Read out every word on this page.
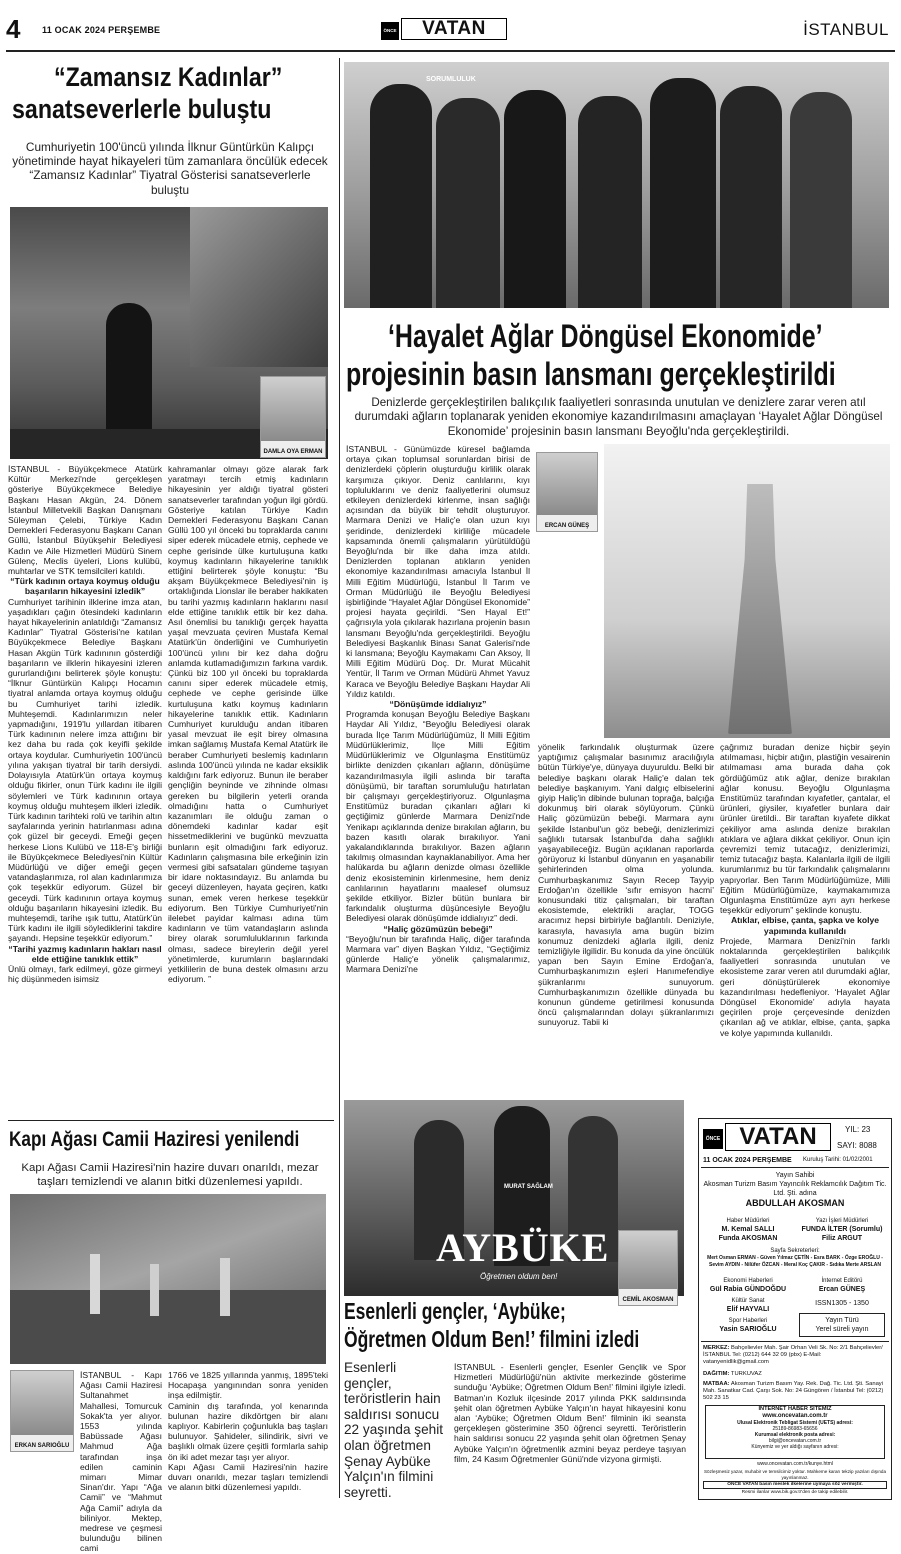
4 11 OCAK 2024 PERŞEMBE	ÖNCE	VATAN	İSTANBUL
“Zamansız Kadınlar”
sanatseverlerle buluştu
Cumhuriyetin 100'üncü yılında İlknur Güntürkün Kalıpçı yönetiminde hayat hikayeleri tüm zamanlara öncülük edecek “Zamansız Kadınlar” Tiyatral Gösterisi sanatseverlerle buluştu
DAMLA OYA ERMAN

İSTANBUL - Büyükçekmece Atatürk Kültür Merkezi'nde gerçekleşen gösteriye Büyükçekmece Belediye Başkanı Hasan Akgün, 24. Dönem İstanbul Milletvekili Başkan Danışmanı Süleyman Çelebi, Türkiye Kadın Dernekleri Federasyonu Başkanı Canan Güllü, İstanbul Büyükşehir Belediyesi Kadın ve Aile Hizmetleri Müdürü Sinem Gülenç, Meclis üyeleri, Lions kulübü, muhtarlar ve STK temsilcileri katıldı.

“Türk kadının ortaya koymuş olduğu başarıların hikayesini izledik”

Cumhuriyet tarihinin ilklerine imza atan, yaşadıkları çağın ötesindeki kadınların hayat hikayelerinin anlatıldığı “Zamansız Kadınlar” Tiyatral Gösterisi'ne katılan Büyükçekmece Belediye Başkanı Hasan Akgün Türk kadınının gösterdiği başarıların ve ilklerin hikayesini izleren gururlandığını belirterek şöyle konuştu: “İlknur Güntürkün Kalıpçı Hocamın tiyatral anlamda ortaya koymuş olduğu bu Cumhuriyet tarihi izledik. Muhteşemdi. Kadınlarımızın neler yapmadığını, 1919'lu yıllardan itibaren Türk kadınının nelere imza attığını bir kez daha bu rada çok keyifli şekilde ortaya koydular. Cumhuriyetin 100'üncü yılına yakışan tiyatral bir tarih dersiydi. Dolayısıyla Atatürk'ün ortaya koymuş olduğu fikirler, onun Türk kadını ile ilgili söylemleri ve Türk kadınının ortaya koymuş olduğu muhteşem ilkleri izledik. Türk kadının tarihteki rolü ve tarihin altın sayfalarında yerinin hatırlanması adına çok güzel bir geceydi. Emeği geçen herkese Lions Kulübü ve 118-E'ş birliği ile Büyükçekmece Belediyesi'nin Kültür Müdürlüğü ve diğer emeği geçen vatandaşlarımıza, rol alan kadınlarımıza çok teşekkür ediyorum. Güzel bir geceydi. Türk kadınının ortaya koymuş olduğu başarıların hikayesini izledik. Bu muhteşemdi, tarihe ışık tuttu, Atatürk'ün Türk kadını ile ilgili söylediklerini takdire şayandı. Hepsine teşekkür ediyorum.”

“Tarihi yazmış kadınların hakları nasıl elde ettiğine tanıklık ettik”

Ünlü olmayı, fark edilmeyi, göze girmeyi hiç düşünmeden isimsiz

kahramanlar olmayı göze alarak fark yaratmayı tercih etmiş kadınların hikayesinin yer aldığı tiyatral gösteri sanatseverler tarafından yoğun ilgi gördü. Gösteriye katılan Türkiye Kadın Dernekleri Federasyonu Başkanı Canan Güllü 100 yıl önceki bu topraklarda canını siper ederek mücadele etmiş, cephede ve cephe gerisinde ülke kurtuluşuna katkı koymuş kadınların hikayelerine tanıklık ettiğini belirterek şöyle konuştu: “Bu akşam Büyükçekmece Belediyesi'nin iş ortaklığında Lionslar ile beraber hakikaten bu tarihi yazmış kadınların haklarını nasıl elde ettiğine tanıklık ettik bir kez daha. Asıl önemlisi bu tanıklığı gerçek hayatta yaşal mevzuata çeviren Mustafa Kemal Atatürk'ün önderliğini ve Cumhuriyetin 100'üncü yılını bir kez daha doğru anlamda kutlamadığımızın farkına vardık. Çünkü biz 100 yıl önceki bu topraklarda canını siper ederek mücadele etmiş, cephede ve cephe gerisinde ülke kurtuluşuna katkı koymuş kadınların hikayelerine tanıklık ettik. Kadınların Cumhuriyet kurulduğu andan itibaren yasal mevzuat ile eşit birey olmasına imkan sağlamış Mustafa Kemal Atatürk ile beraber Cumhuriyeti beslemiş kadınların aslında 100'üncü yılında ne kadar eksiklik kaldığını fark ediyoruz. Bunun ile beraber gençliğin beyninde ve zihninde olması gereken bu bilgilerin yeterli oranda olmadığını hatta o Cumhuriyet kazanımları ile olduğu zaman o dönemdeki kadınlar kadar eşit hissetmediklerini ve bugünkü mevzuatta bunların eşit olmadığını fark ediyoruz. Kadınların çalışmasına bile erkeğinin izin vermesi gibi safsataları gündeme taşıyan bir idare noktasındayız. Bu anlamda bu geceyi düzenleyen, hayata geçiren, katkı sunan, emek veren herkese teşekkür ediyorum. Ben Türkiye Cumhuriyeti'nin ilelebet payidar kalması adına tüm kadınların ve tüm vatandaşların aslında birey olarak sorumluluklarının farkında olması, sadece bireylerin değil yerel yönetimlerde, kurumların başlarındaki yetkililerin de buna destek olmasını arzu ediyorum. ”

Kapı Ağası Camii Haziresi yenilendi
Kapı Ağası Camii Haziresi'nin hazire duvarı onarıldı, mezar taşları temizlendi ve alanın bitki düzenlemesi yapıldı.
ERKAN SARIOĞLU

İSTANBUL - Kapı Ağası Camii Haziresi Sultanahmet Mahallesi, Tomurcuk Sokak'ta yer alıyor. 1553 yılında Babüssade Ağası Mahmud Ağa tarafından inşa edilen caminin mimarı Mimar Sinan'dır. Yapı “Ağa Camii” ve “Mahmut Ağa Camii” adıyla da biliniyor. Mektep, medrese ve çeşmesi bulunduğu bilinen cami

1766 ve 1825 yıllarında yanmış, 1895'teki Hocapaşa yangınından sonra yeniden inşa edilmiştir.

Caminin dış tarafında, yol kenarında bulunan hazire dikdörtgen bir alanı kaplıyor. Kabirlerin çoğunlukla baş taşları bulunuyor. Şahideler, silindirik, sivri ve başlıklı olmak üzere çeşitli formlarla sahip ön iki adet mezar taşı yer alıyor.

Kapı Ağası Camii Haziresi'nin hazire duvarı onarıldı, mezar taşları temizlendi ve alanın bitki düzenlemesi yapıldı.

SORUMLULUK
‘Hayalet Ağlar Döngüsel Ekonomide’
projesinin basın lansmanı gerçekleştirildi
Denizlerde gerçekleştirilen balıkçılık faaliyetleri sonrasında unutulan ve denizlere zarar veren atıl durumdaki ağların toplanarak yeniden ekonomiye kazandırılmasını amaçlayan ‘Hayalet Ağlar Döngüsel Ekonomide’ projesinin basın lansmanı Beyoğlu'nda gerçekleştirildi.
ERCAN GÜNEŞ

İSTANBUL - Günümüzde küresel bağlamda ortaya çıkan toplumsal sorunlardan birisi de denizlerdeki çöplerin oluşturduğu kirlilik olarak karşımıza çıkıyor. Deniz canlılarını, kıyı topluluklarını ve deniz faaliyetlerini olumsuz etkileyen denizlerdeki kirlenme, insan sağlığı açısından da büyük bir tehdit oluşturuyor. Marmara Denizi ve Haliç'e olan uzun kıyı şeridinde, denizlerdeki kirliliğe mücadele kapsamında önemli çalışmaların yürütüldüğü Beyoğlu'nda bir ilke daha imza atıldı. Denizlerden toplanan atıkların yeniden ekonomiye kazandırılması amacıyla İstanbul İl Milli Eğitim Müdürlüğü, İstanbul İl Tarım ve Orman Müdürlüğü ile Beyoğlu Belediyesi işbirliğinde “Hayalet Ağlar Döngüsel Ekonomide” projesi hayata geçirildi. “Sen Hayal Et!” çağrısıyla yola çıkılarak hazırlana projenin basın lansmanı Beyoğlu'nda gerçekleştirildi. Beyoğlu Belediyesi Başkanlık Binası Sanat Galerisi'nde ki lansmana; Beyoğlu Kaymakamı Can Aksoy, İl Milli Eğitim Müdürü Doç. Dr. Murat Mücahit Yentür, İl Tarım ve Orman Müdürü Ahmet Yavuz Karaca ve Beyoğlu Belediye Başkanı Haydar Ali Yıldız katıldı.

“Dönüşümde iddialıyız”

Programda konuşan Beyoğlu Belediye Başkanı Haydar Ali Yıldız, “Beyoğlu Belediyesi olarak burada İlçe Tarım Müdürlüğümüz, İl Milli Eğitim Müdürlüklerimiz, İlçe Milli Eğitim Müdürlüklerimiz ve Olgunlaşma Enstitümüz birlikte denizden çıkanları ağların, dönüşüme kazandırılmasıyla ilgili aslında bir tarafta dönüşümü, bir taraftan sorumluluğu hatırlatan bir çalışmayı gerçekleştiriyoruz. Olgunlaşma Enstitümüz buradan çıkanları ağları ki geçtiğimiz günlerde Marmara Denizi'nde Yenikapı açıklarında denize bırakılan ağların, bu bazen kasıtlı olarak bırakılıyor. Yani yakalandıklarında bırakılıyor. Bazen ağların takılmış olmasından kaynaklanabiliyor. Ama her halükarda bu ağların denizde olması özellikle deniz ekosisteminin kirlenmesine, hem deniz canlılarının hayatlarını maalesef olumsuz şekilde etkiliyor. Bizler bütün bunlara bir farkındalık oluşturma düşüncesiyle Beyoğlu Belediyesi olarak dönüşümde iddialıyız” dedi.

“Haliç gözümüzün bebeği”

“Beyoğlu'nun bir tarafında Haliç, diğer tarafında Marmara var” diyen Başkan Yıldız, “Geçtiğimiz günlerde Haliç'e yönelik çalışmalarımız, Marmara Denizi'ne

yönelik farkındalık oluşturmak üzere yaptığımız çalışmalar basınımız aracılığıyla bütün Türkiye'ye, dünyaya duyuruldu. Belki bir belediye başkanı olarak Haliç'e dalan tek belediye başkanıyım. Yani dalgıç elbiselerini giyip Haliç'in dibinde bulunan toprağa, balçığa dokunmuş biri olarak söylüyorum. Çünkü Haliç gözümüzün bebeği. Marmara aynı şekilde İstanbul'un göz bebeği, denizlerimizi sağlıklı tutarsak İstanbul'da daha sağlıklı yaşayabileceğiz. Bugün açıklanan raporlarda görüyoruz ki İstanbul dünyanın en yaşanabilir şehirlerinden olma yolunda. Cumhurbaşkanımız Sayın Recep Tayyip Erdoğan'ın özellikle ‘sıfır emisyon hacmi’ konusundaki titiz çalışmaları, bir taraftan ekosistemde, elektrikli araçlar, TOGG aracımız hepsi birbiriyle bağlantılı. Deniziyle, karasıyla, havasıyla ama bugün bizim konumuz denizdeki ağlarla ilgili, deniz temizliğiyle ilgilidir. Bu konuda da yine öncülük yapan ben Sayın Emine Erdoğan'a, Cumhurbaşkanımızın eşleri Hanımefendiye şükranlarımı sunuyorum. Cumhurbaşkanımızın özellikle dünyada bu konunun gündeme getirilmesi konusunda öncü çalışmalarından dolayı şükranlarımızı sunuyoruz. Tabii ki

çağrımız buradan denize hiçbir şeyin atılmaması, hiçbir atığın, plastiğin vesairenin atılmaması ama burada daha çok gördüğümüz atık ağlar, denize bırakılan ağlar konusu. Beyoğlu Olgunlaşma Enstitümüz tarafından kıyafetler, çantalar, el ürünleri, giysiler, kıyafetler bunlara dair ürünler üretildi.. Bir taraftan kıyafete dikkat çekiliyor ama aslında denize bırakılan atıklara ve ağlara dikkat çekiliyor. Onun için çevremizi temiz tutacağız, denizlerimizi, temiz tutacağız başta. Kalanlarla ilgili de ilgili kurumlarımız bu tür farkındalık çalışmalarını yapıyorlar. Ben Tarım Müdürlüğümüze, Milli Eğitim Müdürlüğümüze, kaymakamımıza Olgunlaşma Enstitümüze ayrı ayrı herkese teşekkür ediyorum” şeklinde konuştu.

Atıklar, elbise, çanta, şapka ve kolye yapımında kullanıldı

Projede, Marmara Denizi'nin farklı noktalarında gerçekleştirilen balıkçılık faaliyetleri sonrasında unutulan ve ekosisteme zarar veren atıl durumdaki ağlar, geri dönüştürülerek ekonomiye kazandırılması hedefleniyor. ‘Hayalet Ağlar Döngüsel Ekonomide’ adıyla hayata geçirilen proje çerçevesinde denizden çıkarılan ağ ve atıklar, elbise, çanta, şapka ve kolye yapımında kullanıldı.

MURAT SAĞLAM
AYBÜKE
Öğretmen oldum ben!
CEMİL AKOSMAN
Esenlerli gençler, ‘Aybüke;
Öğretmen Oldum Ben!’ filmini izledi
Esenlerli gençler, teröristlerin hain saldırısı sonucu 22 yaşında şehit olan öğretmen Şenay Aybüke Yalçın'ın filmini seyretti.

İSTANBUL - Esenlerli gençler, Esenler Gençlik ve Spor Hizmetleri Müdürlüğü'nün aktivite merkezinde gösterime sunduğu ‘Aybüke; Öğretmen Oldum Ben!’ filmini ilgiyle izledi. Batman'ın Kozluk ilçesinde 2017 yılında PKK saldırısında şehit olan öğretmen Aybüke Yalçın'ın hayat hikayesini konu alan ‘Aybüke; Öğretmen Oldum Ben!’ filminin iki seansta gerçekleşen gösterimine 350 öğrenci seyretti. Teröristlerin hain saldırısı sonucu 22 yaşında şehit olan öğretmen Şenay Aybüke Yalçın'ın öğretmenlik azmini beyaz perdeye taşıyan film, 24 Kasım Öğretmenler Günü'nde vizyona girmişti.

ÖNCE VATAN	YIL: 23
SAYI: 8088
11 OCAK 2024 PERŞEMBE Kuruluş Tarihi: 01/02/2001
Yayın Sahibi
Akosman Turizm Basım Yayıncılık Reklamcılık Dağıtım Tic. Ltd. Şti. adına
ABDULLAH AKOSMAN
Haber Müdürleri
M. Kemal SALLI
Funda AKOSMAN
Yazı İşleri Müdürleri
FUNDA İLTER (Sorumlu)
Filiz ARGUT
Sayfa Sekreterleri:
Mert Osman ERMAN - Güven Yılmaz ÇETİN - Esra BARK - Özge EROĞLU - Sevim AYDIN - Nilüfer ÖZCAN - Meral Koç ÇAKIR - Sıdıka Merte ARSLAN
Ekonomi Haberleri
Gül Rabia GÜNDOĞDU
İnternet Editörü
Ercan GÜNEŞ
Kültür Sanat
Elif HAYVALI
ISSN1305 - 1350
Spor Haberleri
Yasin SARIOĞLU
Yayın Türü
Yerel süreli yayın
MERKEZ: Bahçelievler Mah. Şair Orhan Veli Sk. No: 2/1 Bahçelievler/İSTANBUL Tel: (0212) 644 32 09 (pbx) E-Mail: vatanyenidlik@gmail.com
DAĞITIM: TURKUVAZ
MATBAA: Akosman Turizm Basım Yay. Rek. Dağ. Tic. Ltd. Şti. Sanayi Mah. Sanatkar Cad. Çarşı Sok. No: 24 Güngören / İstanbul Tel: (0212) 502 23 15
İNTERNET HABER SİTEMİZ
www.oncevatan.com.tr
Ulusal Elektronik Tebligat Sistemi (UETS) adresi:
25189-86983-65656
Kurumsal elektronik posta adresi:
bilgi@oncevatan.com.tr
Künyemiz ve yer aldığı sayfanın adresi:
www.oncevatan.com.tr/kunye.html
Sözleşmesiz yazar, muhabir ve temsilcimiz yoktur. Mahkeme kararı tekzip yazıları dışında yayınlanmaz.
ÖNCE VATAN basın meslek ilkelerine uymaya söz vermiştir.
Resmi ilanlar www.bik.gov.tr'den de takip edilebilir.
